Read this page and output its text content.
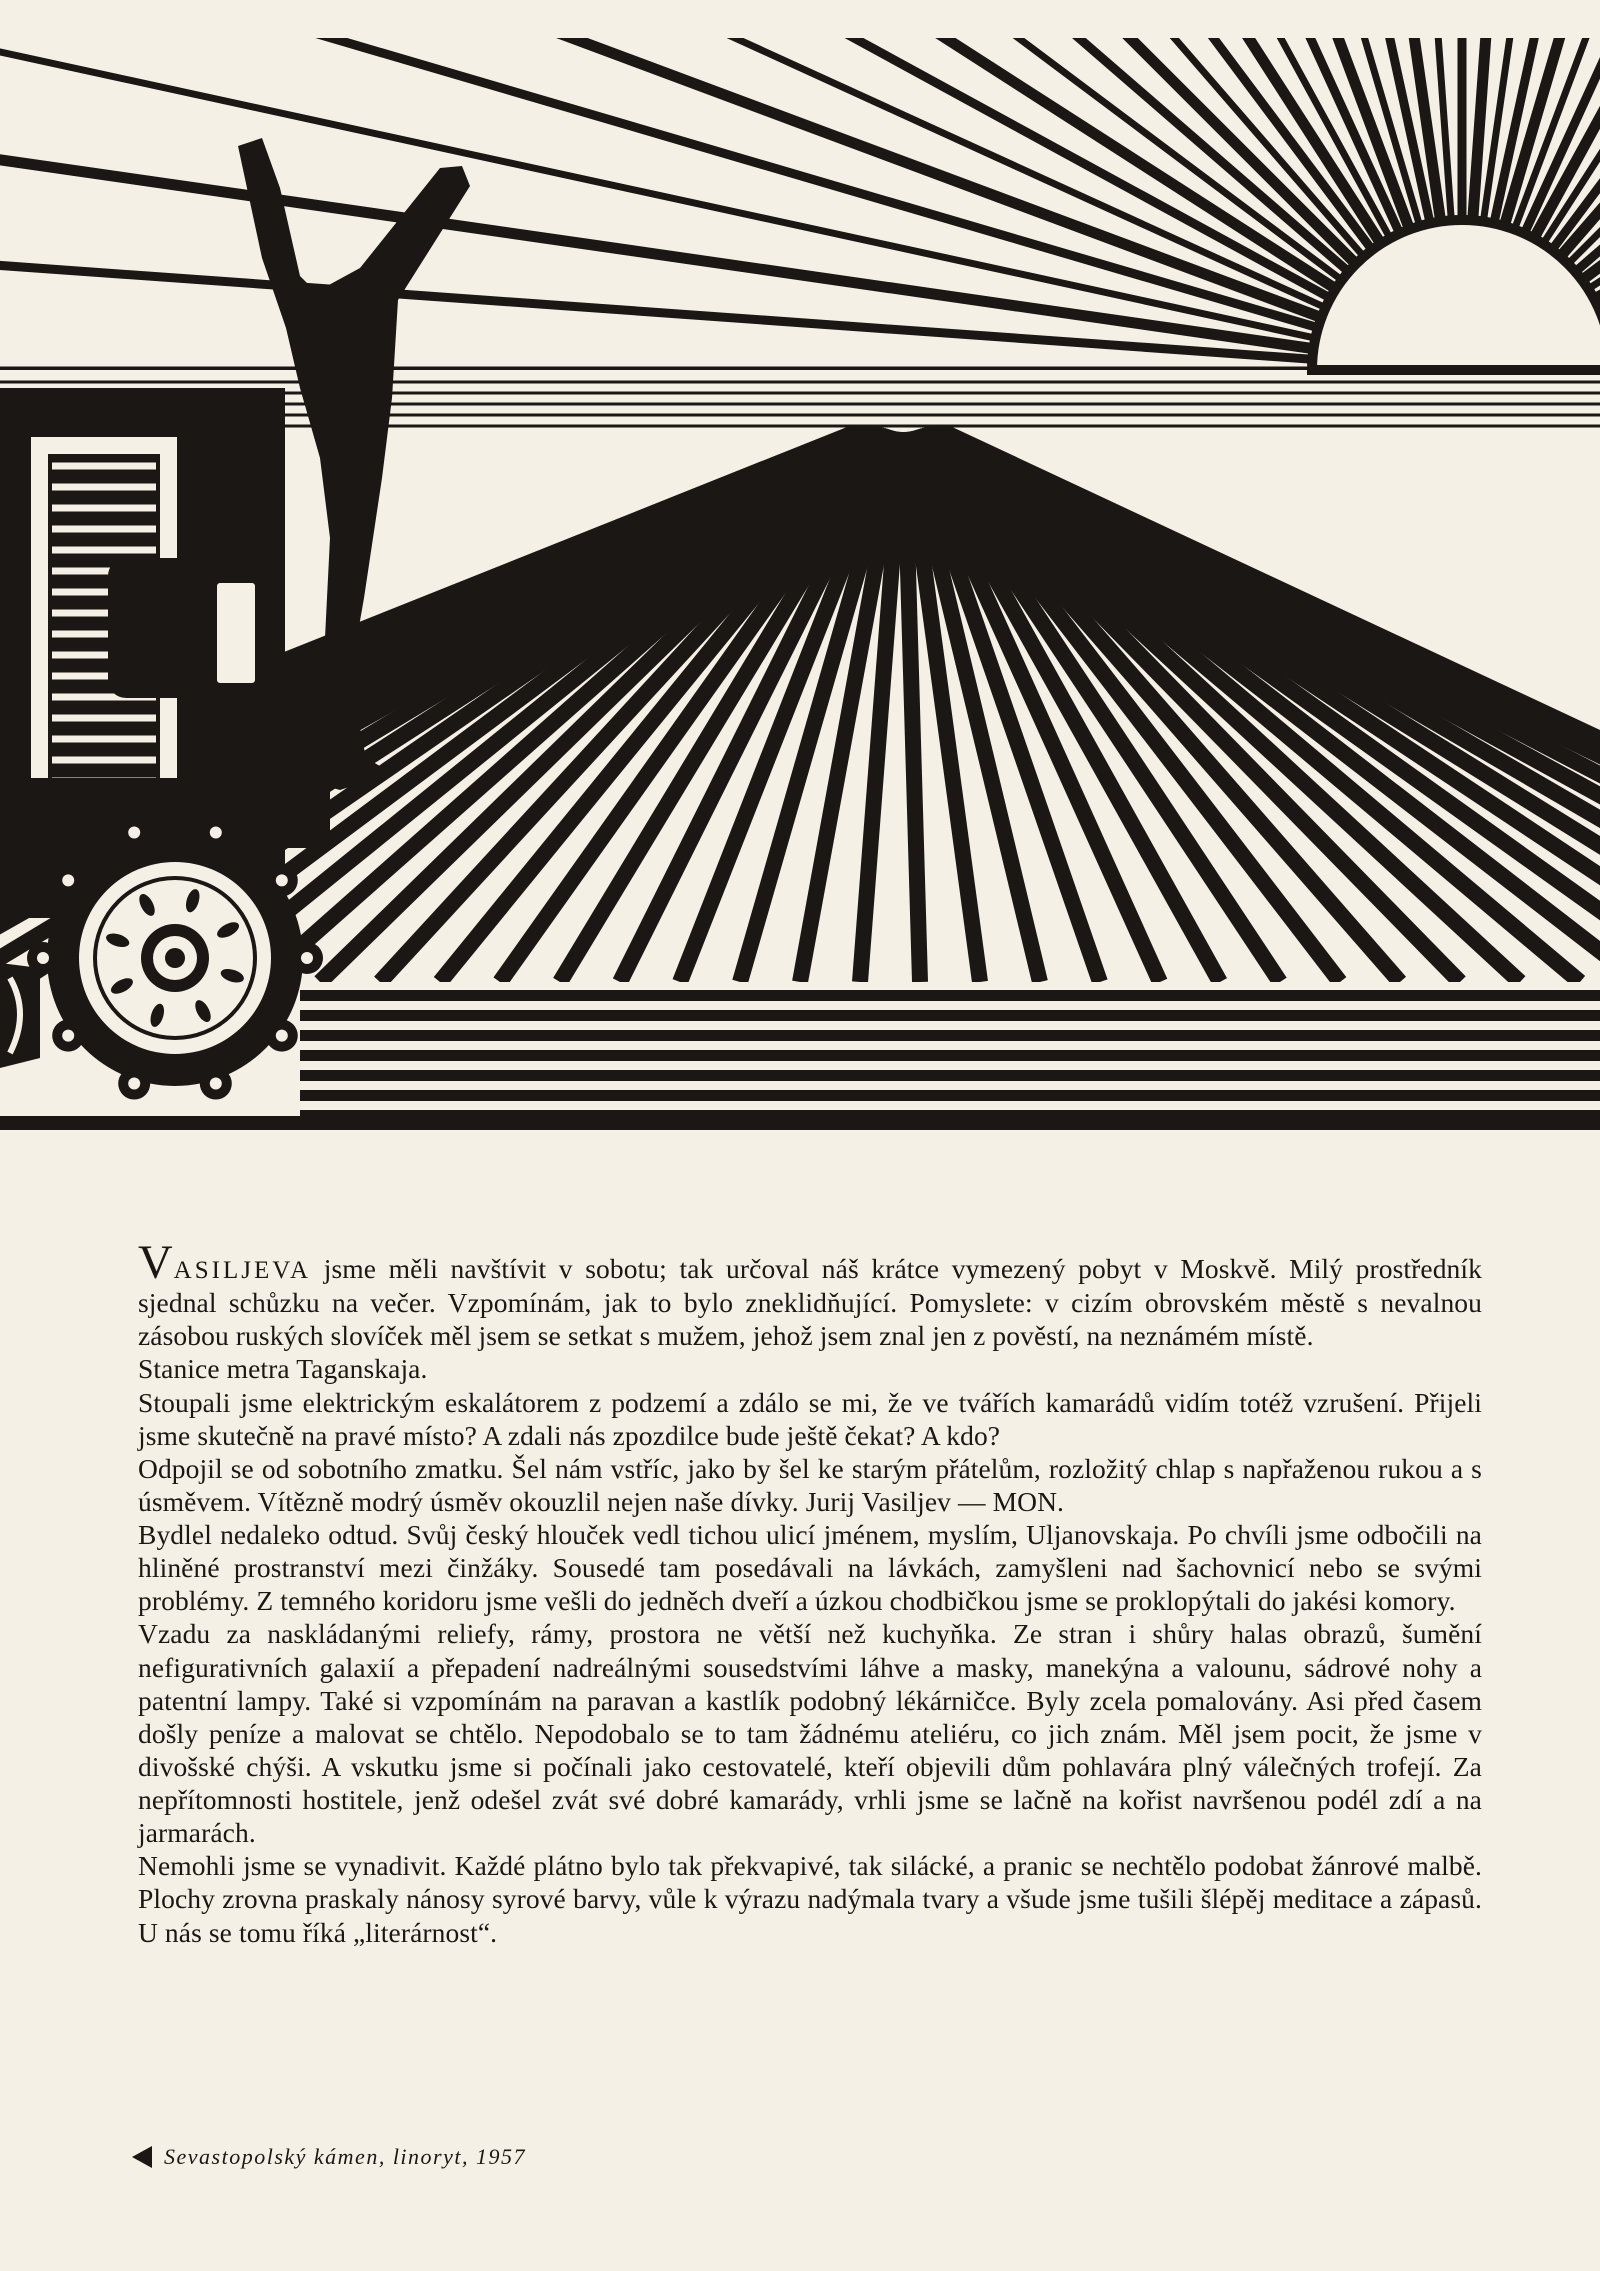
VASILJEVA jsme měli navštívit v sobotu; tak určoval náš krátce vymezený pobyt v Moskvě. Milý prostředník sjednal schůzku na večer. Vzpomínám, jak to bylo zneklidňující. Pomyslete: v cizím obrovském městě s nevalnou zásobou ruských slovíček měl jsem se setkat s mužem, jehož jsem znal jen z pověstí, na neznámém místě.

Stanice metra Taganskaja.

Stoupali jsme elektrickým eskalátorem z podzemí a zdálo se mi, že ve tvářích kamarádů vidím totéž vzrušení. Přijeli jsme skutečně na pravé místo? A zdali nás zpozdilce bude ještě čekat? A kdo?

Odpojil se od sobotního zmatku. Šel nám vstříc, jako by šel ke starým přátelům, rozložitý chlap s napřaženou rukou a s úsměvem. Vítězně modrý úsměv okouzlil nejen naše dívky. Jurij Vasiljev — MON.

Bydlel nedaleko odtud. Svůj český hlouček vedl tichou ulicí jménem, myslím, Uljanovskaja. Po chvíli jsme odbočili na hliněné prostranství mezi činžáky. Sousedé tam posedávali na lávkách, zamyšleni nad šachovnicí nebo se svými problémy. Z temného koridoru jsme vešli do jedněch dveří a úzkou chodbičkou jsme se proklopýtali do jakési komory.

Vzadu za naskládanými reliefy, rámy, prostora ne větší než kuchyňka. Ze stran i shůry halas obrazů, šumění nefigurativních galaxií a přepadení nadreálnými sousedstvími láhve a masky, manekýna a valounu, sádrové nohy a patentní lampy. Také si vzpomínám na paravan a kastlík podobný lékárničce. Byly zcela pomalovány. Asi před časem došly peníze a malovat se chtělo. Nepodobalo se to tam žádnému ateliéru, co jich znám. Měl jsem pocit, že jsme v divošské chýši. A vskutku jsme si počínali jako cestovatelé, kteří objevili dům pohlavára plný válečných trofejí. Za nepřítomnosti hostitele, jenž odešel zvát své dobré kamarády, vrhli jsme se lačně na kořist navršenou podél zdí a na jarmarách.

Nemohli jsme se vynadivit. Každé plátno bylo tak překvapivé, tak silácké, a pranic se nechtělo podobat žánrové malbě. Plochy zrovna praskaly nánosy syrové barvy, vůle k výrazu nadýmala tvary a všude jsme tušili šlépěj meditace a zápasů. U nás se tomu říká „literárnost“.

Sevastopolský kámen, linoryt, 1957
